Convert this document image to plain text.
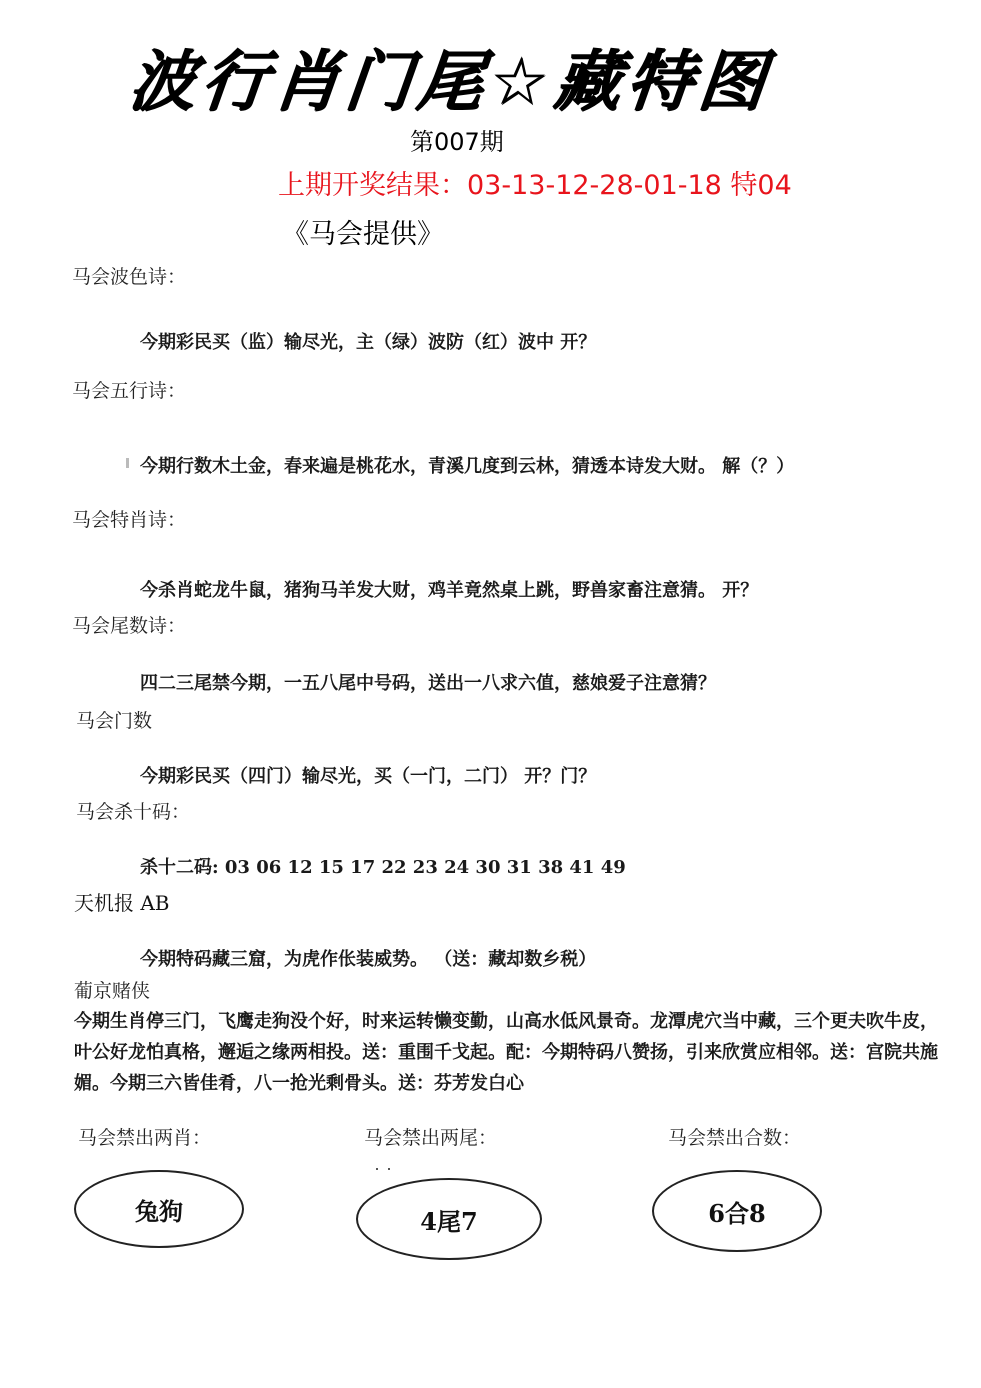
波行肖门尾☆藏特图
第007期
上期开奖结果：03-13-12-28-01-18 特04
《马会提供》
马会波色诗：
今期彩民买（监）输尽光，主（绿）波防（红）波中 开？
马会五行诗：
今期行数木土金，春来遍是桃花水，青溪几度到云林，猜透本诗发大财。 解（？）
马会特肖诗：
今杀肖蛇龙牛鼠，猪狗马羊发大财，鸡羊竟然桌上跳，野兽家畜注意猜。 开？
马会尾数诗：
四二三尾禁今期，一五八尾中号码，送出一八求六值，慈娘爱子注意猜？
马会门数
今期彩民买（四门）输尽光，买（一门，二门） 开？门？
马会杀十码：
杀十二码: 03 06 12 15 17 22 23 24 30 31 38 41 49
天机报 AB
今期特码藏三窟，为虎作伥装威势。 （送：藏却数乡税）
葡京赌侠
今期生肖停三门，飞鹰走狗没个好，时来运转懒变勤，山高水低风景奇。龙潭虎穴当中藏，三个更夫吹牛皮，叶公好龙怕真格，邂逅之缘两相投。送：重围千戈起。配：今期特码八赞扬，引来欣赏应相邻。送：宫院共施媚。今期三六皆佳肴，八一抢光剩骨头。送：芬芳发白心
马会禁出两肖：	马会禁出两尾：	马会禁出合数：
兔狗	4尾7	6合8
